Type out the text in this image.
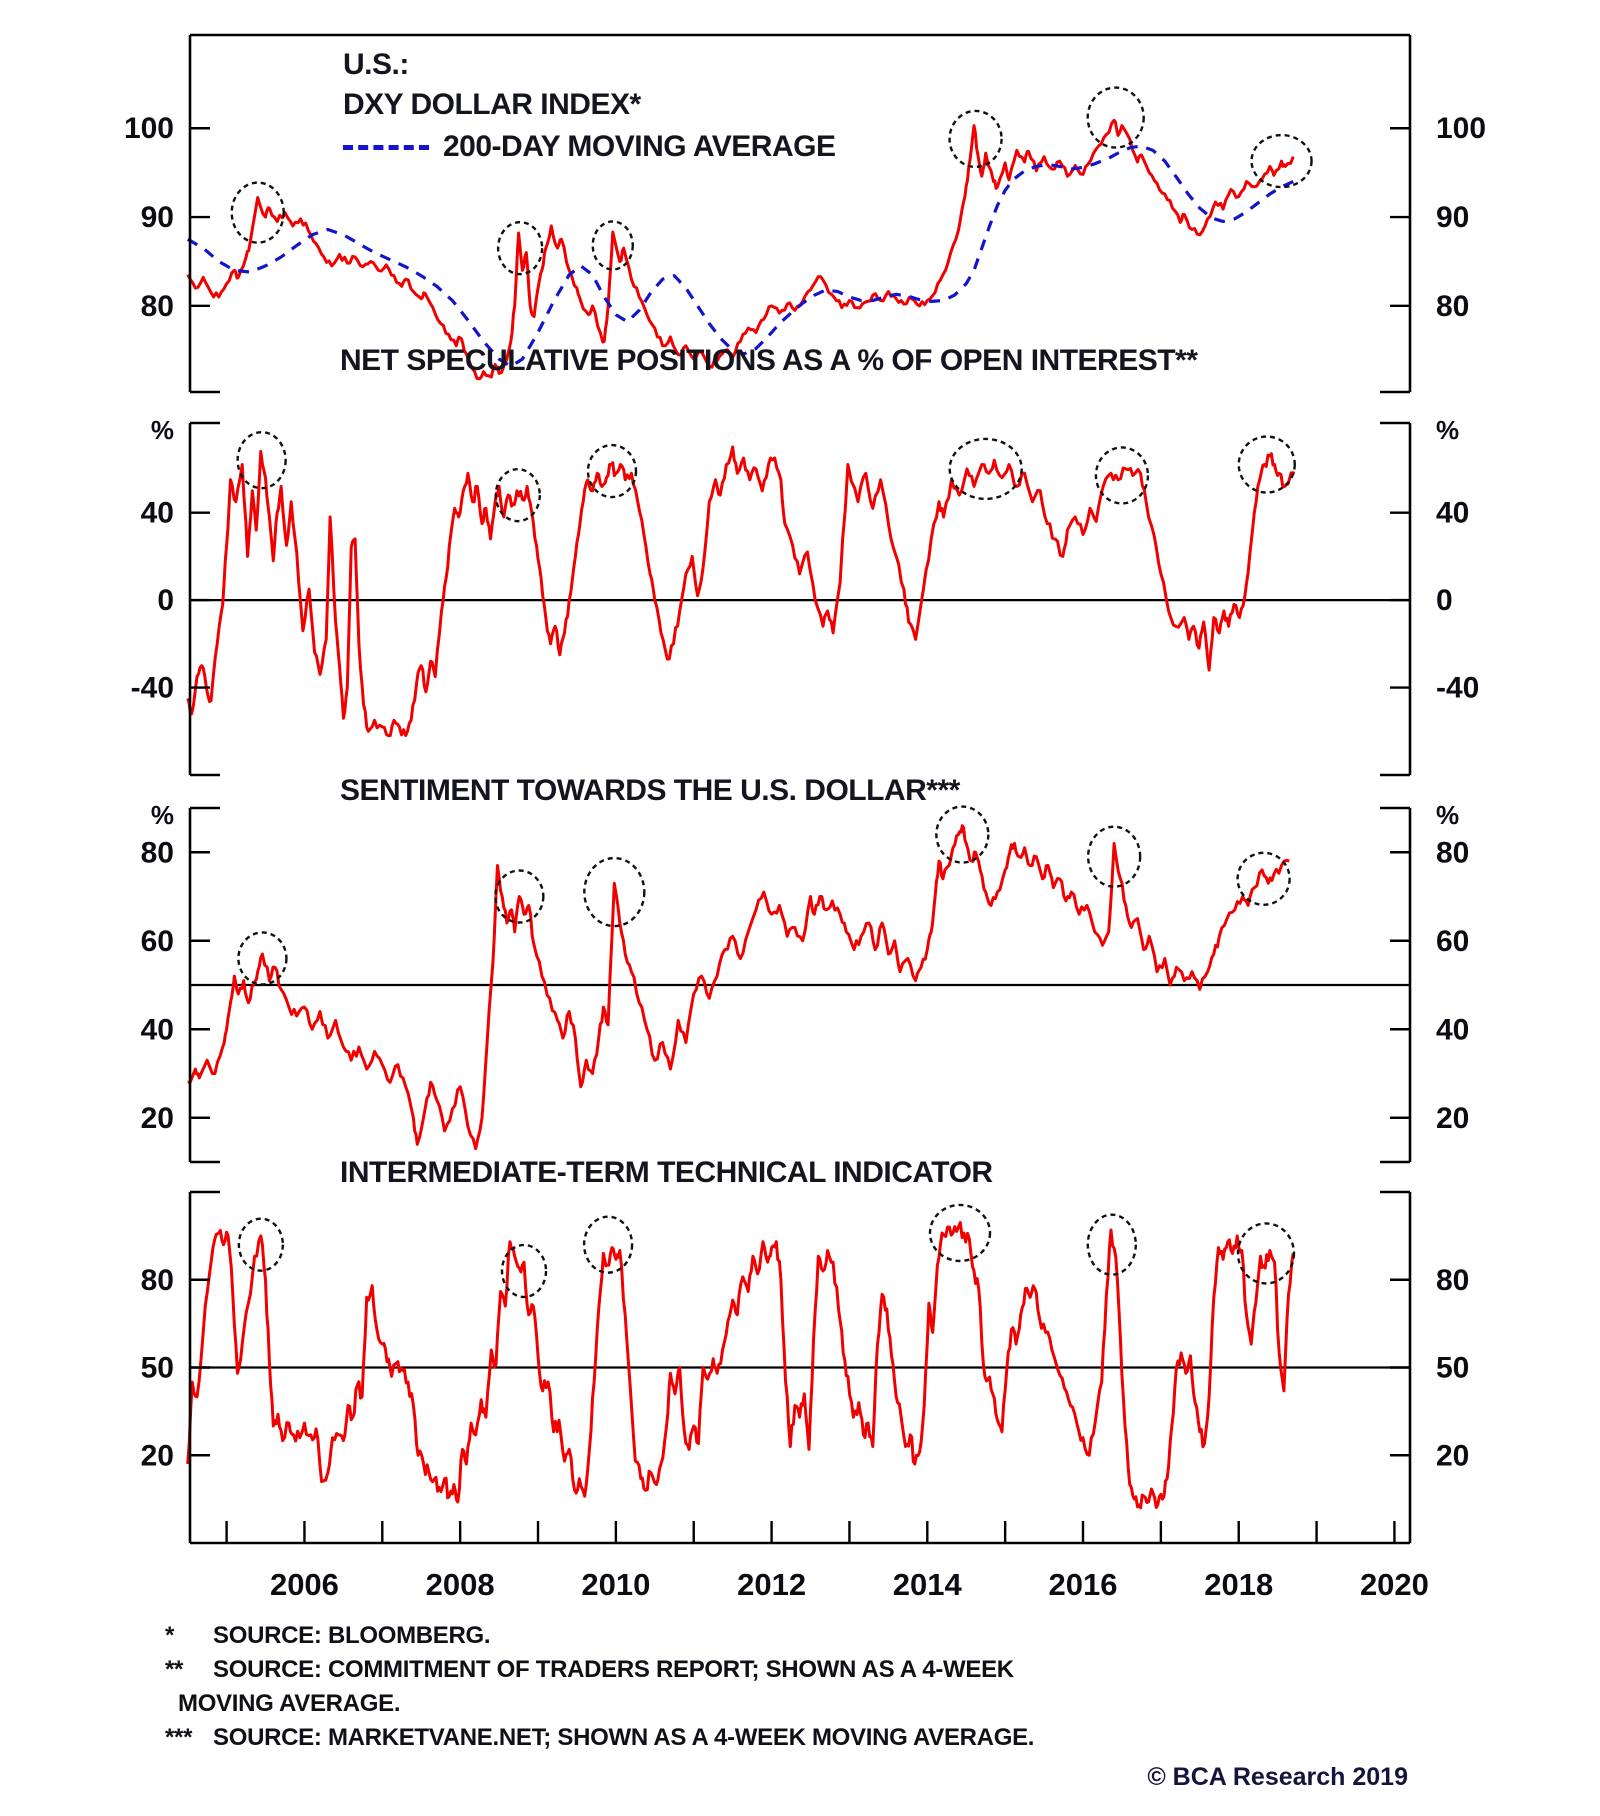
100	100
90	90
80	80
40	40
0	0
-40	-40
%	%
80	80
60	60
40	40
20	20
%	%
80	80
50	50
20	20
2006	2008	2010	2012	2014	2016	2018	2020
U.S.:
DXY DOLLAR INDEX*
200-DAY MOVING AVERAGE
NET SPECULATIVE POSITIONS AS A % OF OPEN INTEREST**
SENTIMENT TOWARDS THE U.S. DOLLAR***
INTERMEDIATE-TERM TECHNICAL INDICATOR
* SOURCE: BLOOMBERG.
** SOURCE: COMMITMENT OF TRADERS REPORT; SHOWN AS A 4-WEEK
MOVING AVERAGE.
*** SOURCE: MARKETVANE.NET; SHOWN AS A 4-WEEK MOVING AVERAGE.
© BCA Research 2019
